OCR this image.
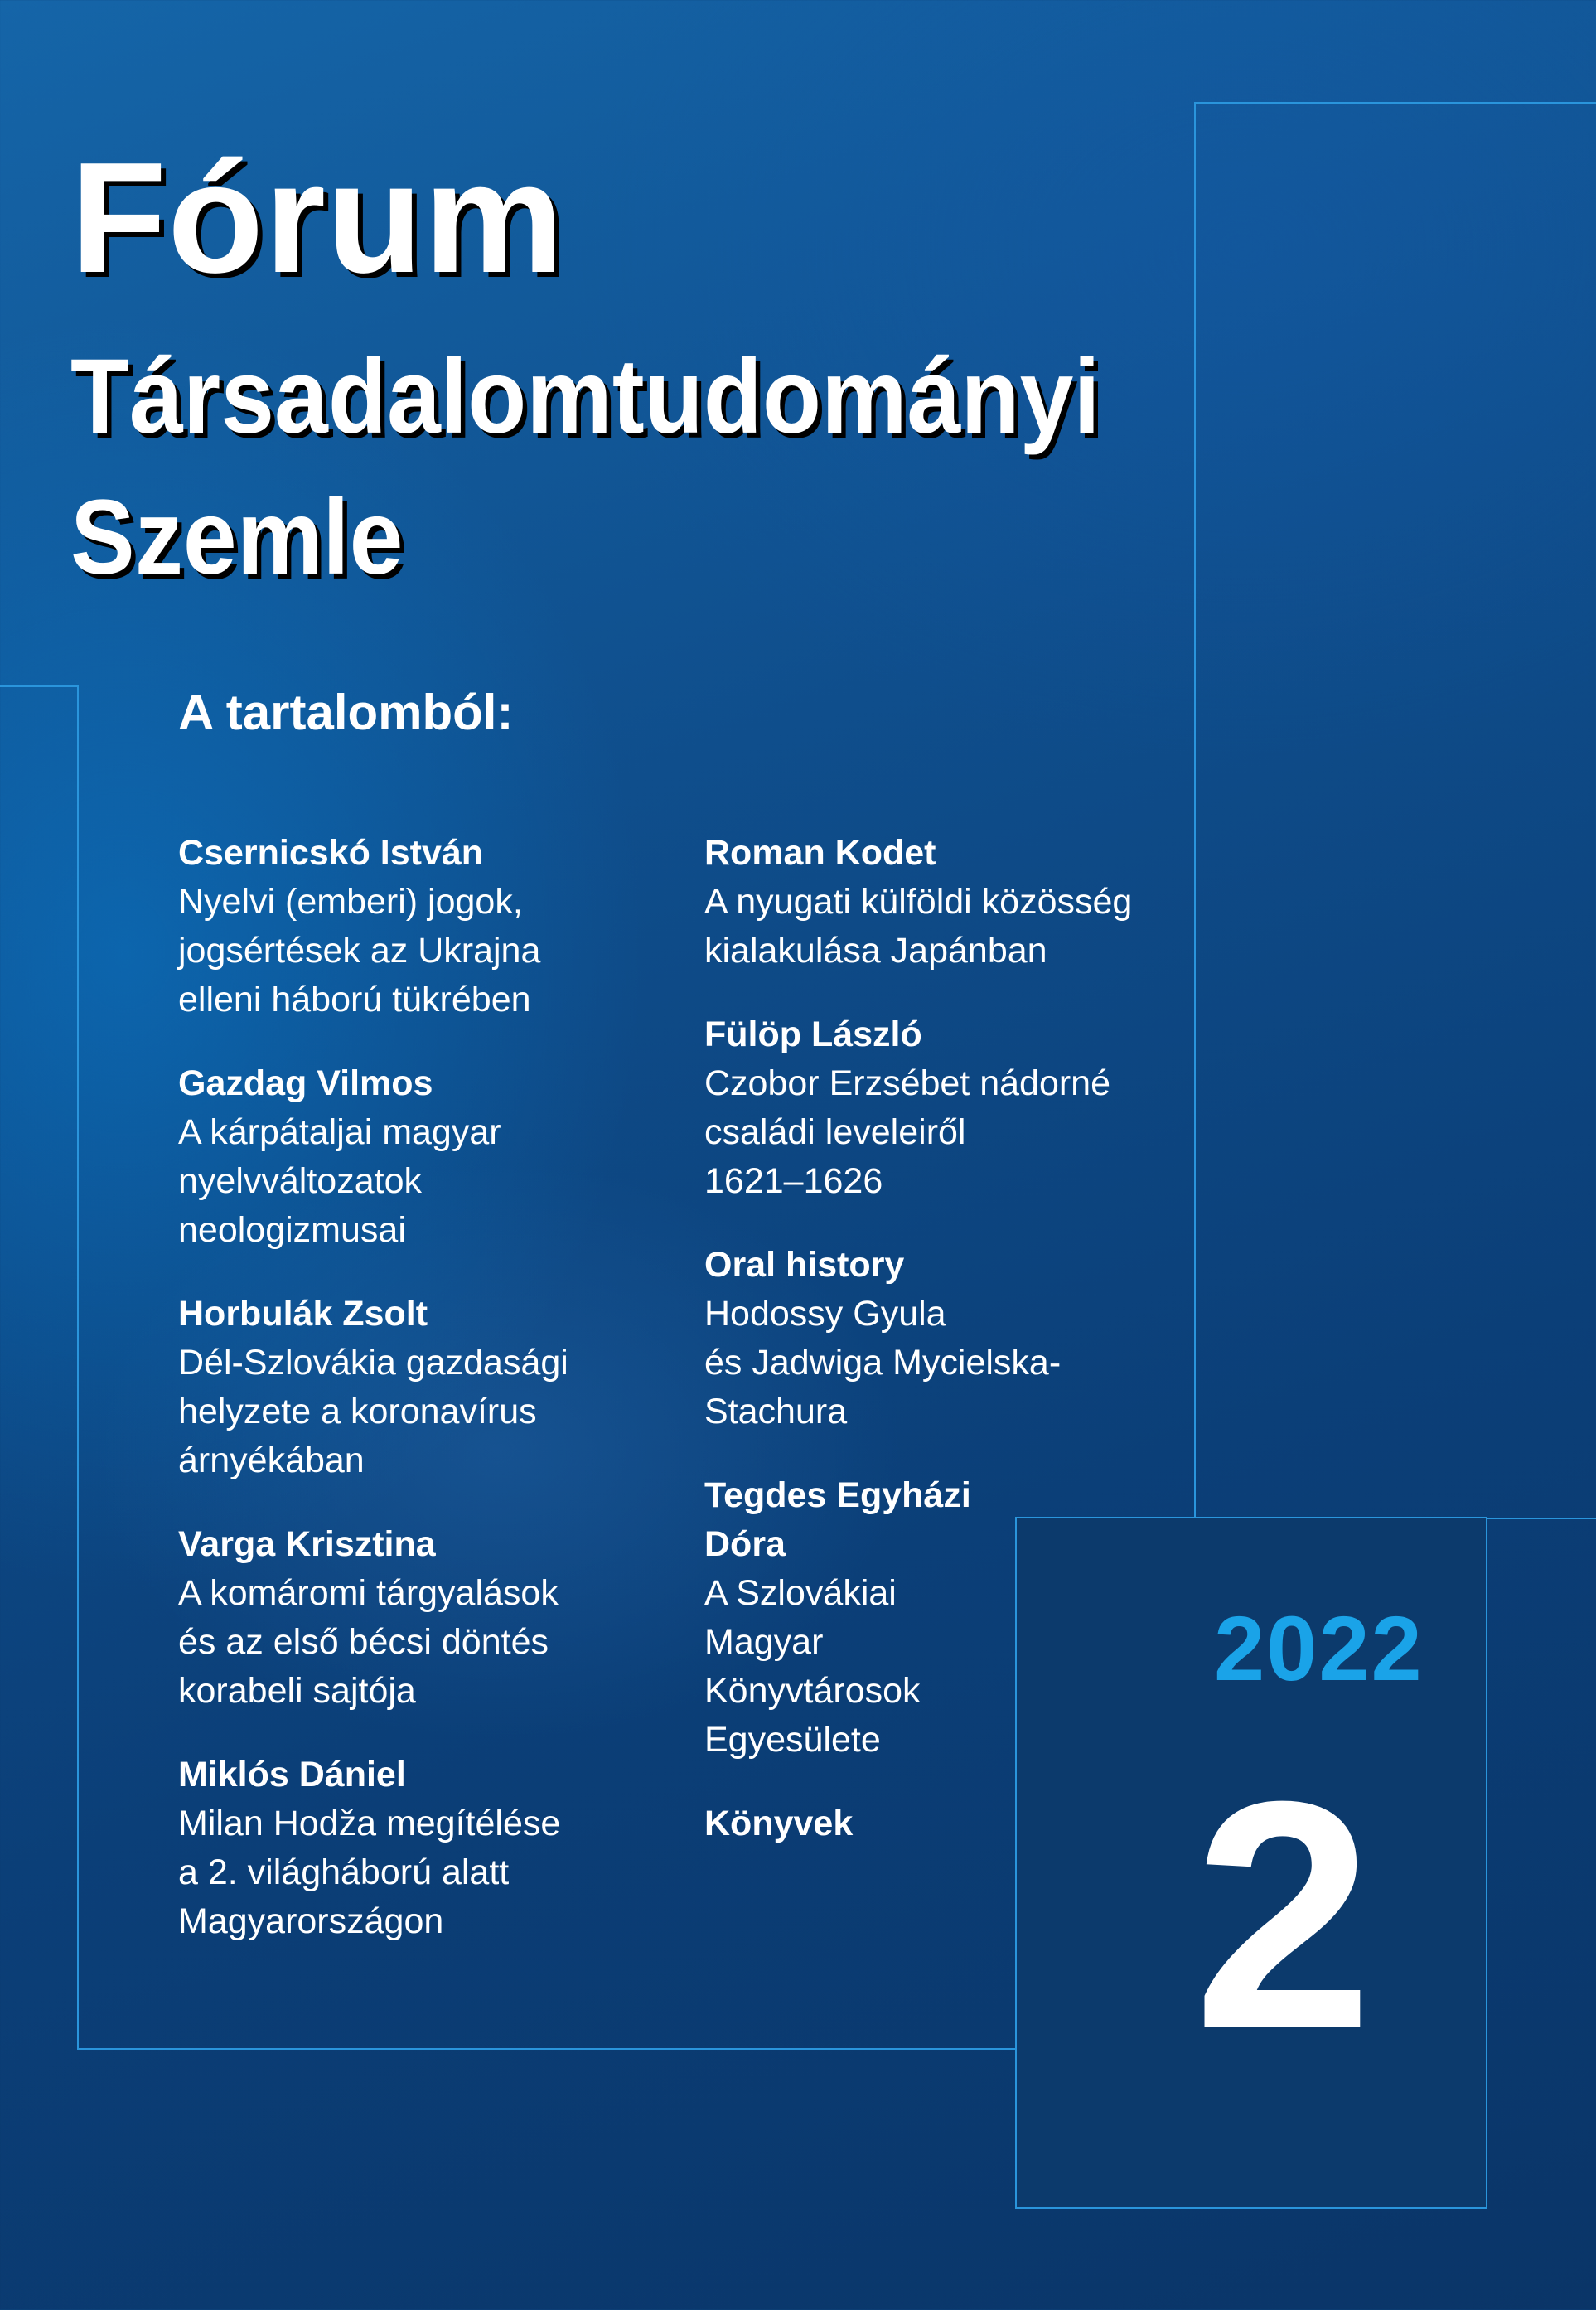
Fórum
Társadalomtudományi
Szemle
A tartalomból:
Csernicskó István
Nyelvi (emberi) jogok,
jogsértések az Ukrajna
elleni háború tükrében
Gazdag Vilmos
A kárpátaljai magyar
nyelvváltozatok
neologizmusai
Horbulák Zsolt
Dél-Szlovákia gazdasági
helyzete a koronavírus
árnyékában
Varga Krisztina
A komáromi tárgyalások
és az első bécsi döntés
korabeli sajtója
Miklós Dániel
Milan Hodža megítélése
a 2. világháború alatt
Magyarországon
Roman Kodet
A nyugati külföldi közösség
kialakulása Japánban
Fülöp László
Czobor Erzsébet nádorné
családi leveleiről
1621–1626
Oral history
Hodossy Gyula
és Jadwiga Mycielska-
Stachura
Tegdes Egyházi
Dóra
A Szlovákiai
Magyar
Könyvtárosok
Egyesülete
Könyvek
2022
2
